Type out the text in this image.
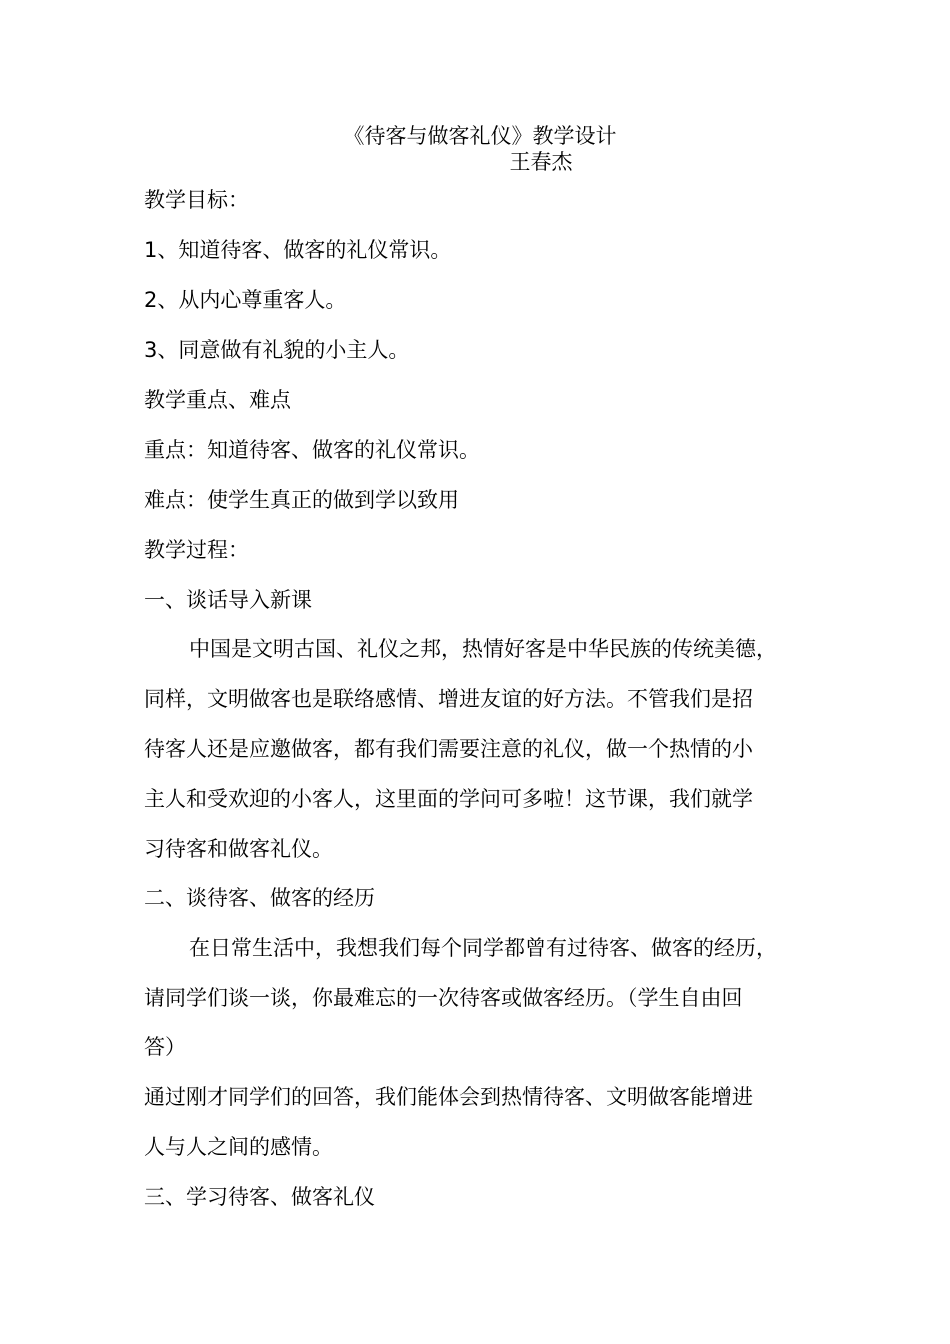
《待客与做客礼仪》教学设计
王春杰
教学目标：
1、知道待客、做客的礼仪常识。
2、从内心尊重客人。
3、同意做有礼貌的小主人。
教学重点、难点
重点：知道待客、做客的礼仪常识。
难点：使学生真正的做到学以致用
教学过程：
一、谈话导入新课
中国是文明古国、礼仪之邦，热情好客是中华民族的传统美德，
同样，文明做客也是联络感情、增进友谊的好方法。不管我们是招
待客人还是应邀做客，都有我们需要注意的礼仪，做一个热情的小
主人和受欢迎的小客人，这里面的学问可多啦！这节课，我们就学
习待客和做客礼仪。
二、谈待客、做客的经历
在日常生活中，我想我们每个同学都曾有过待客、做客的经历，
请同学们谈一谈，你最难忘的一次待客或做客经历。（学生自由回
答）
通过刚才同学们的回答，我们能体会到热情待客、文明做客能增进
人与人之间的感情。
三、学习待客、做客礼仪
